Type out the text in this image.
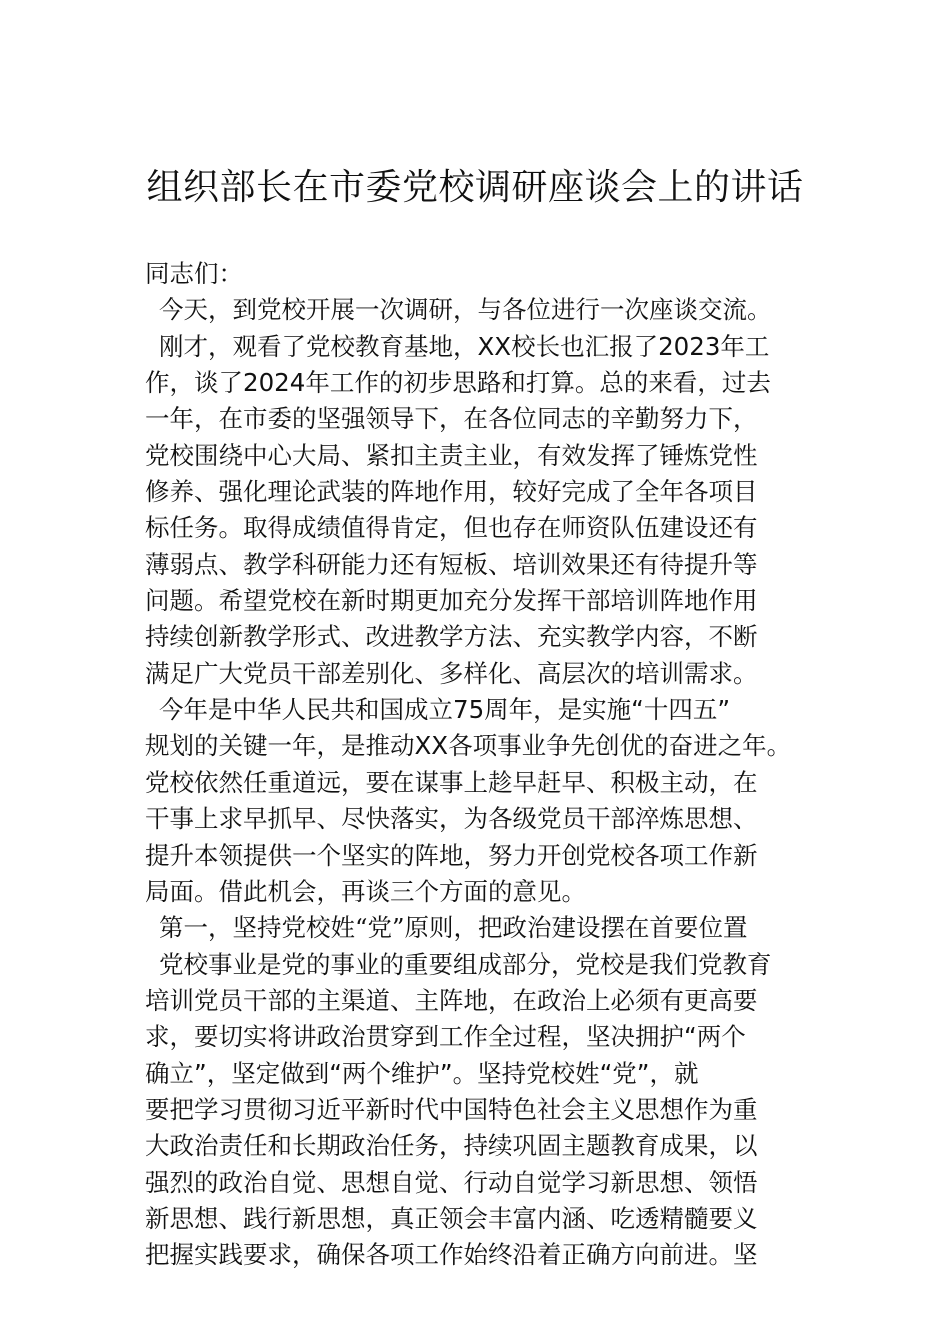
组织部长在市委党校调研座谈会上的讲话
同志们：
今天，到党校开展一次调研，与各位进行一次座谈交流。
刚才，观看了党校教育基地，XX校长也汇报了2023年工
作，谈了2024年工作的初步思路和打算。总的来看，过去
一年，在市委的坚强领导下，在各位同志的辛勤努力下，
党校围绕中心大局、紧扣主责主业，有效发挥了锤炼党性
修养、强化理论武装的阵地作用，较好完成了全年各项目
标任务。取得成绩值得肯定，但也存在师资队伍建设还有
薄弱点、教学科研能力还有短板、培训效果还有待提升等
问题。希望党校在新时期更加充分发挥干部培训阵地作用
持续创新教学形式、改进教学方法、充实教学内容，不断
满足广大党员干部差别化、多样化、高层次的培训需求。
今年是中华人民共和国成立75周年，是实施“十四五”
规划的关键一年，是推动XX各项事业争先创优的奋进之年。
党校依然任重道远，要在谋事上趁早赶早、积极主动，在
干事上求早抓早、尽快落实，为各级党员干部淬炼思想、
提升本领提供一个坚实的阵地，努力开创党校各项工作新
局面。借此机会，再谈三个方面的意见。
第一，坚持党校姓“党”原则，把政治建设摆在首要位置
党校事业是党的事业的重要组成部分，党校是我们党教育
培训党员干部的主渠道、主阵地，在政治上必须有更高要
求，要切实将讲政治贯穿到工作全过程，坚决拥护“两个
确立”，坚定做到“两个维护”。坚持党校姓“党”，就
要把学习贯彻习近平新时代中国特色社会主义思想作为重
大政治责任和长期政治任务，持续巩固主题教育成果，以
强烈的政治自觉、思想自觉、行动自觉学习新思想、领悟
新思想、践行新思想，真正领会丰富内涵、吃透精髓要义
把握实践要求，确保各项工作始终沿着正确方向前进。坚
